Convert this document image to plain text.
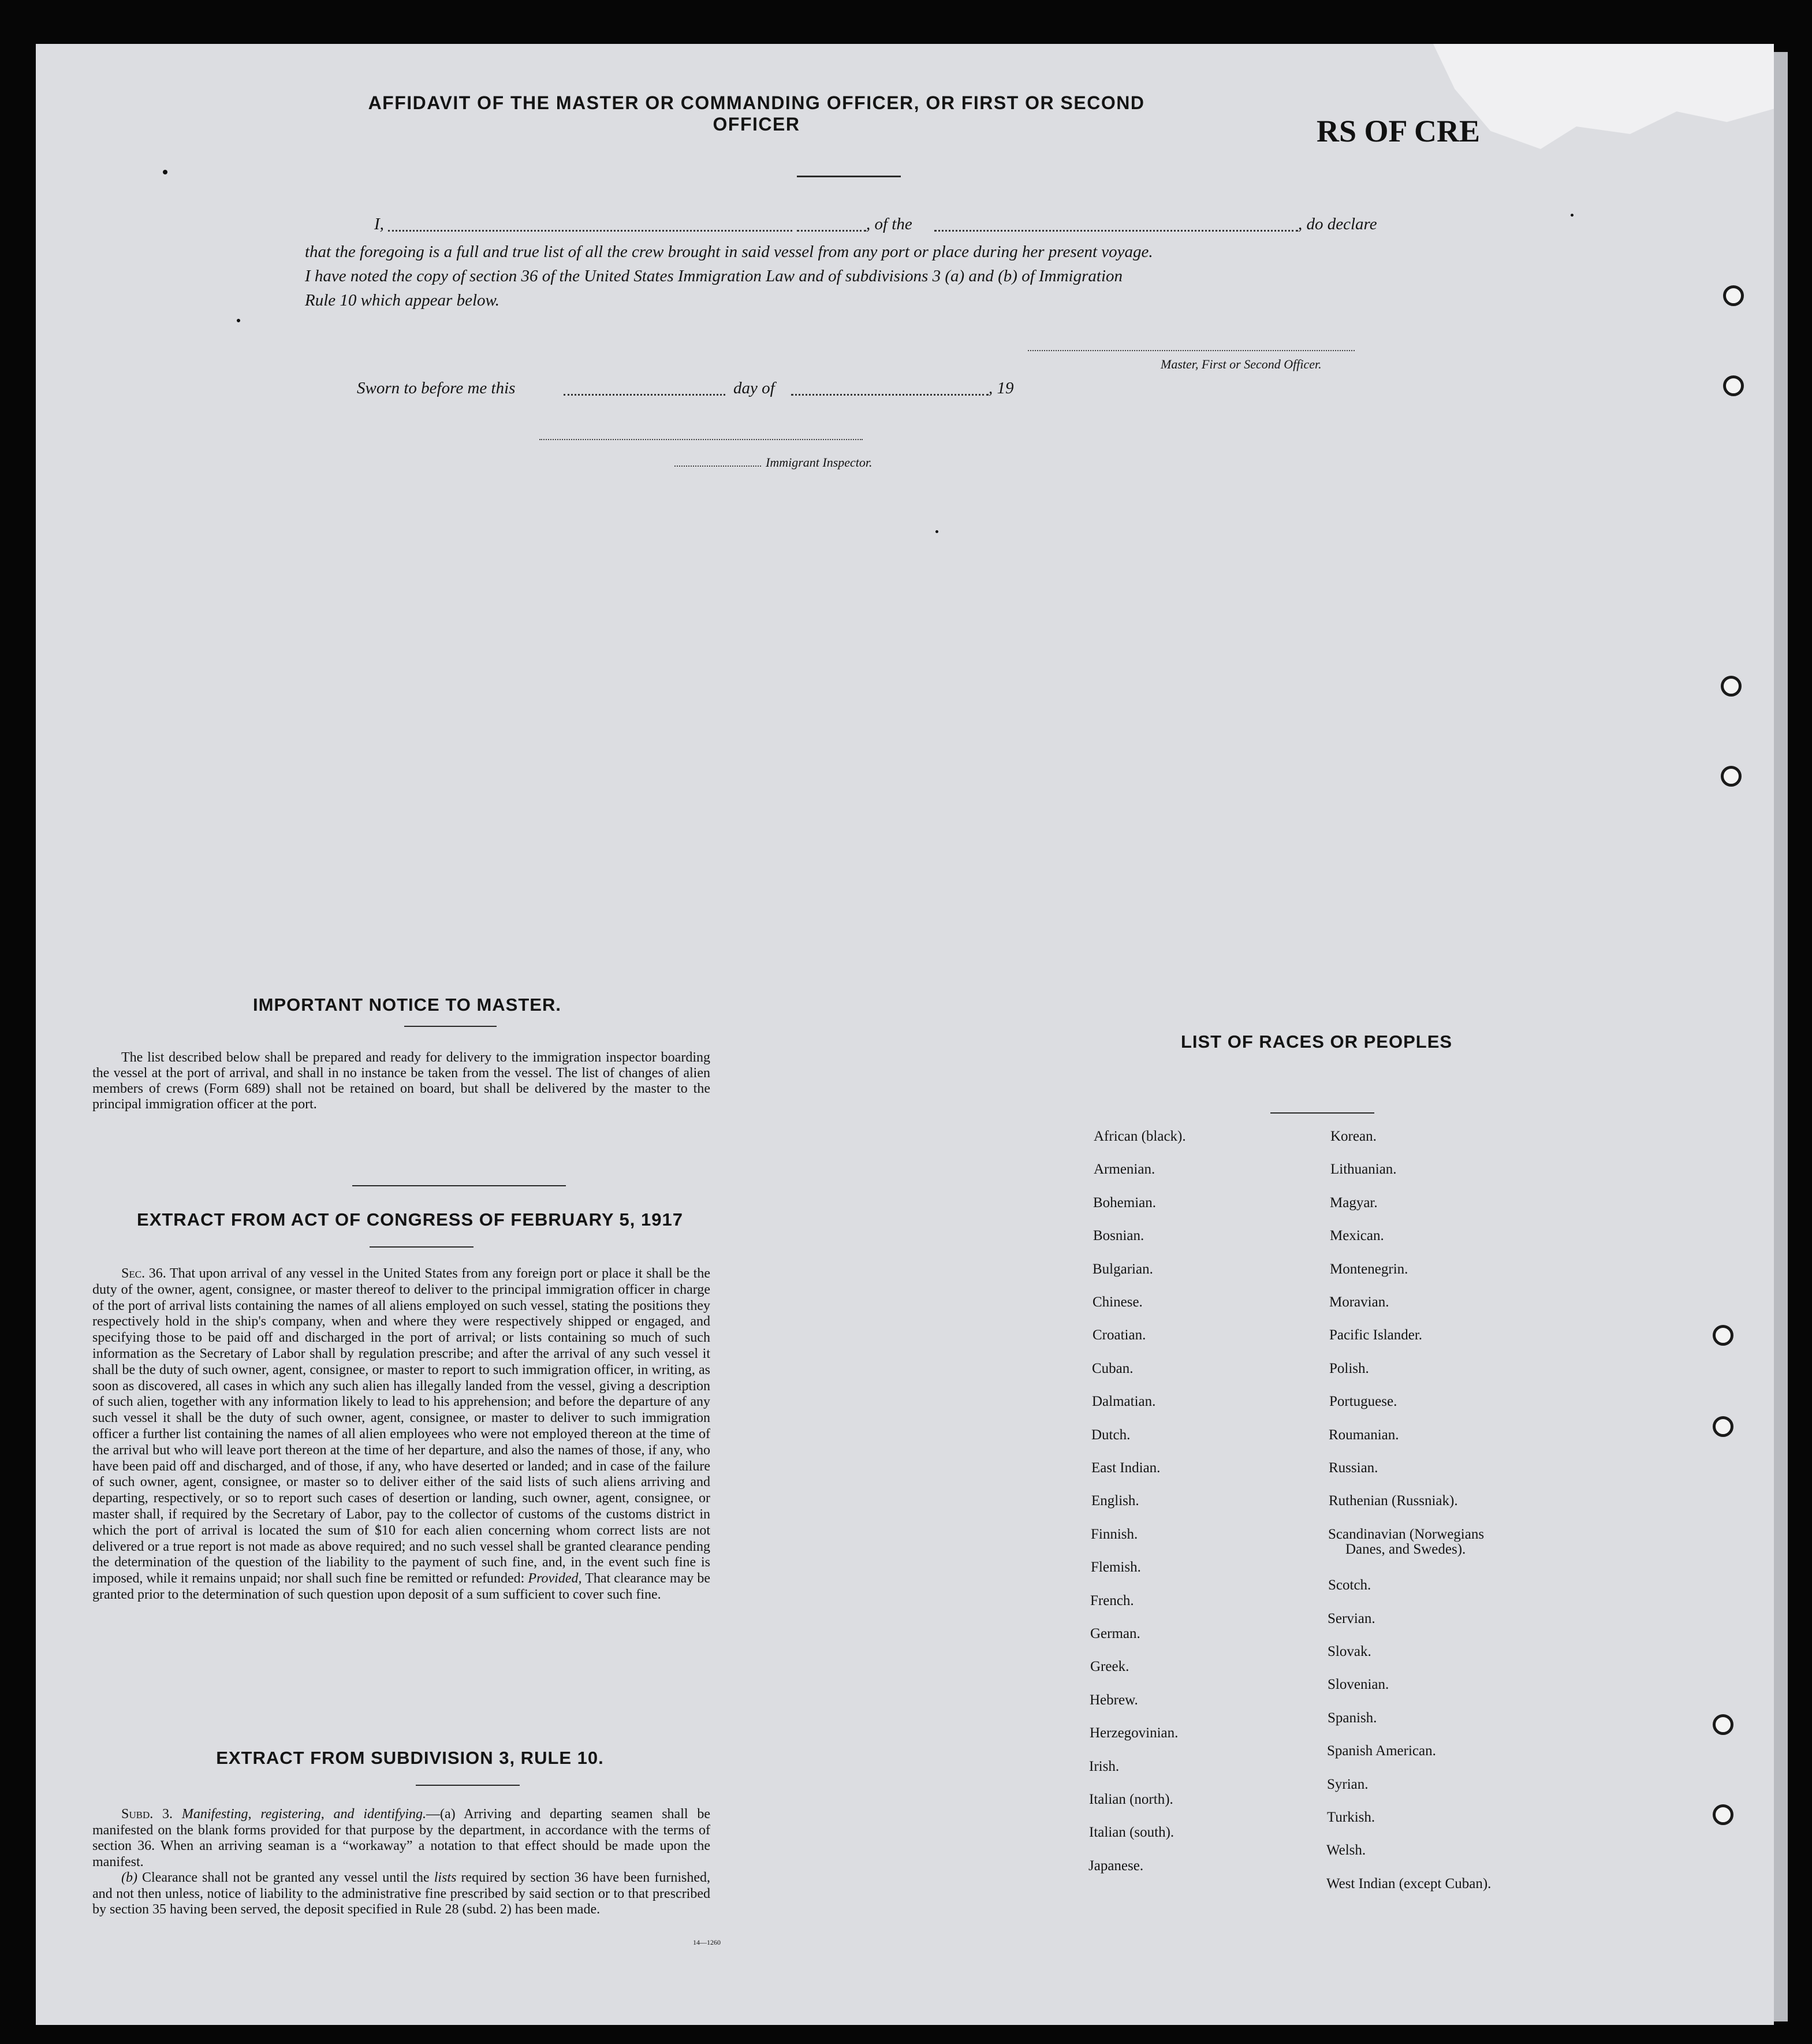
AFFIDAVIT OF THE MASTER OR COMMANDING OFFICER, OR FIRST OR SECOND OFFICER	RS OF CRE
I,	, of the	, do declare
that the foregoing is a full and true list of all the crew brought in said vessel from any port or place during her present voyage.
I have noted the copy of section 36 of the United States Immigration Law and of subdivisions 3 (a) and (b) of Immigration
Rule 10 which appear below.
Master, First or Second Officer.
Sworn to before me this	day of	, 19
Immigrant Inspector.
IMPORTANT NOTICE TO MASTER.
The list described below shall be prepared and ready for delivery to the immigration inspector boarding the vessel at the port of arrival, and shall in no instance be taken from the vessel. The list of changes of alien members of crews (Form 689) shall not be retained on board, but shall be delivered by the master to the principal immigration officer at the port.
EXTRACT FROM ACT OF CONGRESS OF FEBRUARY 5, 1917
Sec. 36. That upon arrival of any vessel in the United States from any foreign port or place it shall be the duty of the owner, agent, consignee, or master thereof to deliver to the principal immigration officer in charge of the port of arrival lists containing the names of all aliens employed on such vessel, stating the positions they respectively hold in the ship's company, when and where they were respectively shipped or engaged, and specifying those to be paid off and discharged in the port of arrival; or lists containing so much of such information as the Secretary of Labor shall by regulation prescribe; and after the arrival of any such vessel it shall be the duty of such owner, agent, consignee, or master to report to such immigration officer, in writing, as soon as discovered, all cases in which any such alien has illegally landed from the vessel, giving a description of such alien, together with any information likely to lead to his apprehension; and before the departure of any such vessel it shall be the duty of such owner, agent, consignee, or master to deliver to such immigration officer a further list containing the names of all alien employees who were not employed thereon at the time of the arrival but who will leave port thereon at the time of her departure, and also the names of those, if any, who have been paid off and discharged, and of those, if any, who have deserted or landed; and in case of the failure of such owner, agent, consignee, or master so to deliver either of the said lists of such aliens arriving and departing, respectively, or so to report such cases of desertion or landing, such owner, agent, consignee, or master shall, if required by the Secretary of Labor, pay to the collector of customs of the customs district in which the port of arrival is located the sum of $10 for each alien concerning whom correct lists are not delivered or a true report is not made as above required; and no such vessel shall be granted clearance pending the determination of the question of the liability to the payment of such fine, and, in the event such fine is imposed, while it remains unpaid; nor shall such fine be remitted or refunded: Provided, That clearance may be granted prior to the determination of such question upon deposit of a sum sufficient to cover such fine.
EXTRACT FROM SUBDIVISION 3, RULE 10.

Subd. 3. Manifesting, registering, and identifying.—(a) Arriving and departing seamen shall be manifested on the blank forms provided for that purpose by the department, in accordance with the terms of section 36. When an arriving seaman is a “workaway” a notation to that effect should be made upon the manifest.

(b) Clearance shall not be granted any vessel until the lists required by section 36 have been furnished, and not then unless, notice of liability to the administrative fine prescribed by said section or to that prescribed by section 35 having been served, the deposit specified in Rule 28 (subd. 2) has been made.

14—1260
LIST OF RACES OR PEOPLES
African (black).
Armenian.
Bohemian.
Bosnian.
Bulgarian.
Chinese.
Croatian.
Cuban.
Dalmatian.
Dutch.
East Indian.
English.
Finnish.
Flemish.
French.
German.
Greek.
Hebrew.
Herzegovinian.
Irish.
Italian (north).
Italian (south).
Japanese.
Korean.
Lithuanian.
Magyar.
Mexican.
Montenegrin.
Moravian.
Pacific Islander.
Polish.
Portuguese.
Roumanian.
Russian.
Ruthenian (Russniak).
Scandinavian (Norwegians
Danes, and Swedes).
Scotch.
Servian.
Slovak.
Slovenian.
Spanish.
Spanish American.
Syrian.
Turkish.
Welsh.
West Indian (except Cuban).
